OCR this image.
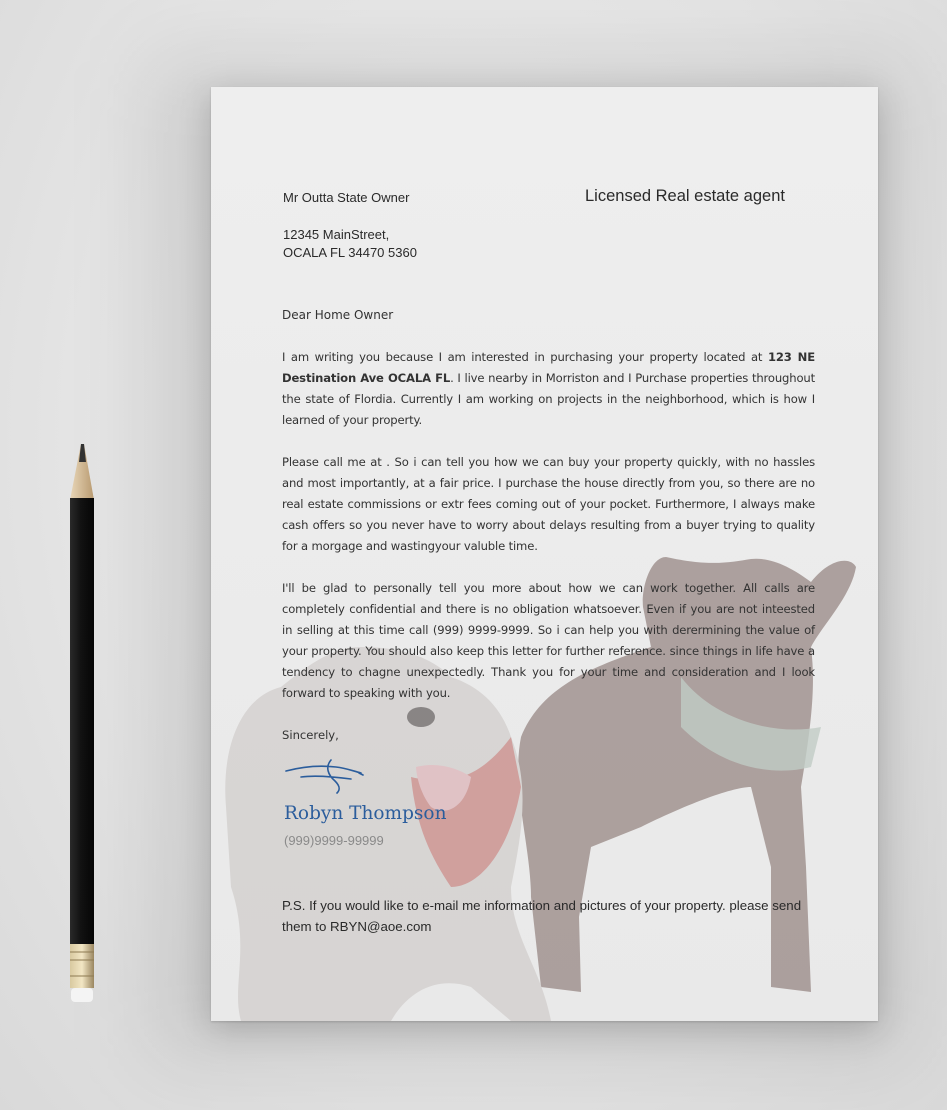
Mr Outta State Owner	Licensed Real estate agent
12345 MainStreet,
OCALA FL 34470 5360
Dear Home Owner
I am writing you because I am interested in purchasing your property located at 123 NE Destination Ave OCALA FL. I live nearby in Morriston and I Purchase properties throughout the state of Flordia. Currently I am working on projects in the neighborhood, which is how I learned of your property.
Please call me at . So i can tell you how we can buy your property quickly, with no hassles and most importantly, at a fair price. I purchase the house directly from you, so there are no real estate commissions or extr fees coming out of your pocket. Furthermore, I always make cash offers so you never have to worry about delays resulting from a buyer trying to quality for a morgage and wastingyour valuble time.
I'll be glad to personally tell you more about how we can work together. All calls are completely confidential and there is no obligation whatsoever. Even if you are not inteested in selling at this time call (999) 9999-9999. So i can help you with derermining the value of your property. You should also keep this letter for further reference. since things in life have a tendency to chagne unexpectedly. Thank you for your time and consideration and I look forward to speaking with you.
Sincerely,
Robyn Thompson
(999)9999-99999
P.S. If you would like to e-mail me information and pictures of your property. please send them to RBYN@aoe.com
